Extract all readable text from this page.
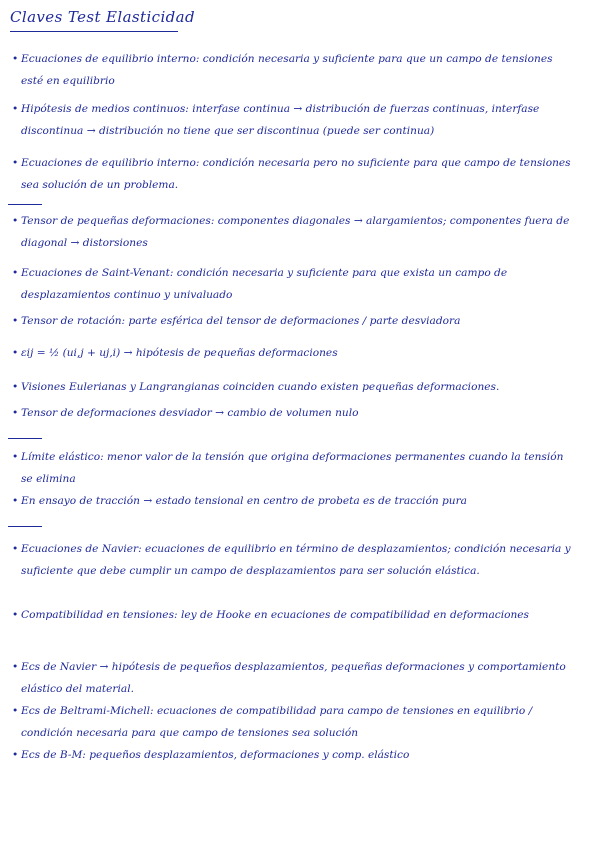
Claves Test Elasticidad
• Ecuaciones de equilibrio interno: condición necesaria y suficiente para que un campo de tensiones esté en equilibrio
• Hipótesis de medios continuos: interfase continua → distribución de fuerzas continuas, interfase discontinua → distribución no tiene que ser discontinua (puede ser continua)
• Ecuaciones de equilibrio interno: condición necesaria pero no suficiente para que campo de tensiones sea solución de un problema.
• Tensor de pequeñas deformaciones: componentes diagonales → alargamientos; componentes fuera de diagonal → distorsiones
• Ecuaciones de Saint-Venant: condición necesaria y suficiente para que exista un campo de desplazamientos continuo y univaluado
• Tensor de rotación: parte esférica del tensor de deformaciones / parte desviadora
• εij = ½ (ui,j + uj,i) → hipótesis de pequeñas deformaciones
• Visiones Eulerianas y Langrangianas coinciden cuando existen pequeñas deformaciones.
• Tensor de deformaciones desviador → cambio de volumen nulo
• Límite elástico: menor valor de la tensión que origina deformaciones permanentes cuando la tensión se elimina
• En ensayo de tracción → estado tensional en centro de probeta es de tracción pura
• Ecuaciones de Navier: ecuaciones de equilibrio en término de desplazamientos; condición necesaria y suficiente que debe cumplir un campo de desplazamientos para ser solución elástica.
• Compatibilidad en tensiones: ley de Hooke en ecuaciones de compatibilidad en deformaciones
• Ecs de Navier → hipótesis de pequeños desplazamientos, pequeñas deformaciones y comportamiento elástico del material.
• Ecs de Beltrami-Michell: ecuaciones de compatibilidad para campo de tensiones en equilibrio / condición necesaria para que campo de tensiones sea solución
• Ecs de B-M: pequeños desplazamientos, deformaciones y comp. elástico
